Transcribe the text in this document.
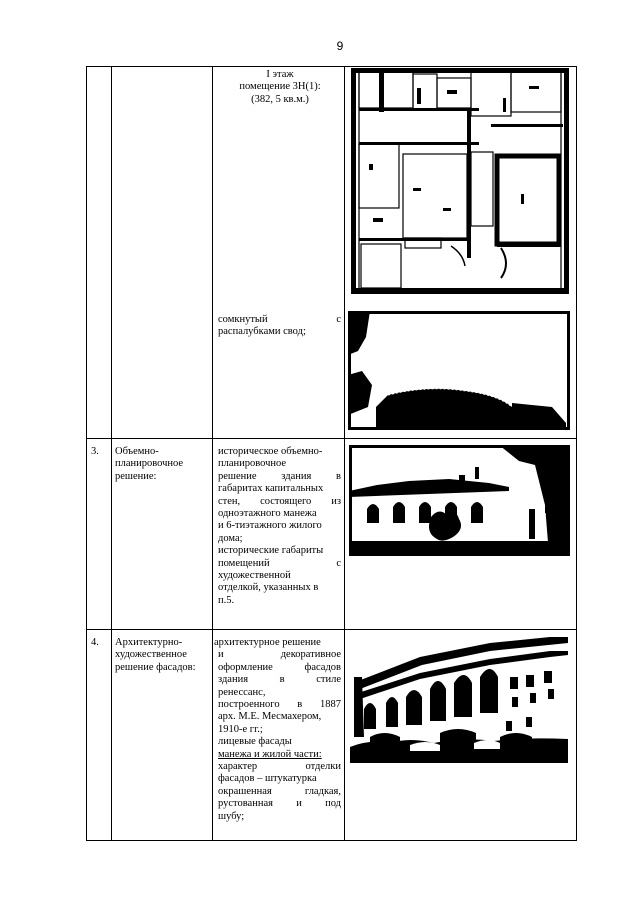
9
I этаж
помещение 3Н(1):
(382, 5 кв.м.)
сомкнутый с
распалубками свод;
3. Объемно-
планировочное
решение:
историческое объемно-
планировочное
решение здания в
габаритах капитальных
стен, состоящего из
одноэтажного манежа
и 6-тиэтажного жилого
дома;
исторические габариты
помещений с
художественной
отделкой, указанных в
п.5.
4. Архитектурно-
художественное
решение фасадов:
архитектурное решение
и декоративное
оформление фасадов
здания в стиле
ренессанс,
построенного в 1887
арх. М.Е. Месмахером,
1910-е гг.;
лицевые фасады
манежа и жилой части:
характер отделки
фасадов – штукатурка
окрашенная гладкая,
рустованная и под
шубу;
